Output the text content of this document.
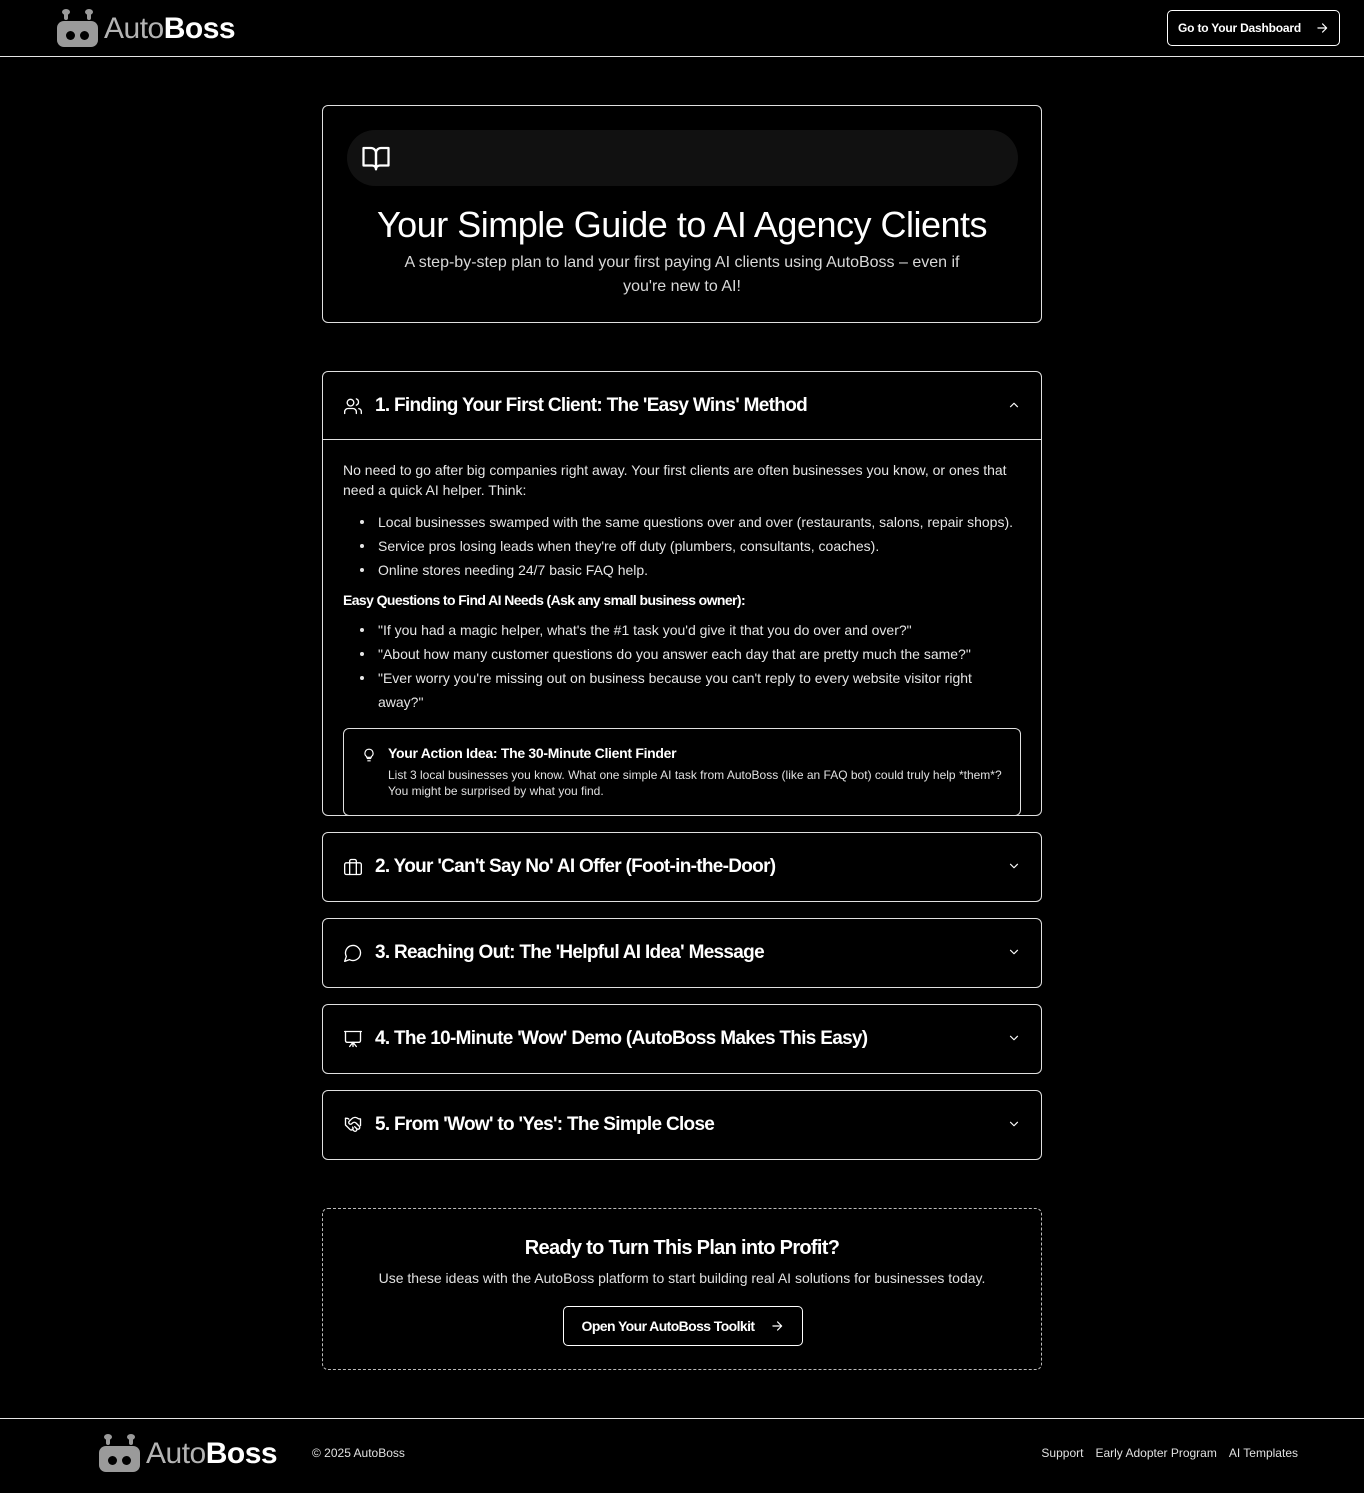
AutoBoss	Go to Your Dashboard
Your Simple Guide to AI Agency Clients

A step-by-step plan to land your first paying AI clients using AutoBoss – even if you're new to AI!

1. Finding Your First Client: The 'Easy Wins' Method

No need to go after big companies right away. Your first clients are often businesses you know, or ones that need a quick AI helper. Think:

Local businesses swamped with the same questions over and over (restaurants, salons, repair shops).
Service pros losing leads when they're off duty (plumbers, consultants, coaches).
Online stores needing 24/7 basic FAQ help.
Easy Questions to Find AI Needs (Ask any small business owner):
"If you had a magic helper, what's the #1 task you'd give it that you do over and over?"
"About how many customer questions do you answer each day that are pretty much the same?"
"Ever worry you're missing out on business because you can't reply to every website visitor right away?"
Your Action Idea: The 30-Minute Client Finder
List 3 local businesses you know. What one simple AI task from AutoBoss (like an FAQ bot) could truly help *them*? You might be surprised by what you find.
2. Your 'Can't Say No' AI Offer (Foot-in-the-Door)
3. Reaching Out: The 'Helpful AI Idea' Message
4. The 10-Minute 'Wow' Demo (AutoBoss Makes This Easy)
5. From 'Wow' to 'Yes': The Simple Close
Ready to Turn This Plan into Profit?

Use these ideas with the AutoBoss platform to start building real AI solutions for businesses today.

Open Your AutoBoss Toolkit
AutoBoss	© 2025 AutoBoss	Support Early Adopter Program AI Templates
